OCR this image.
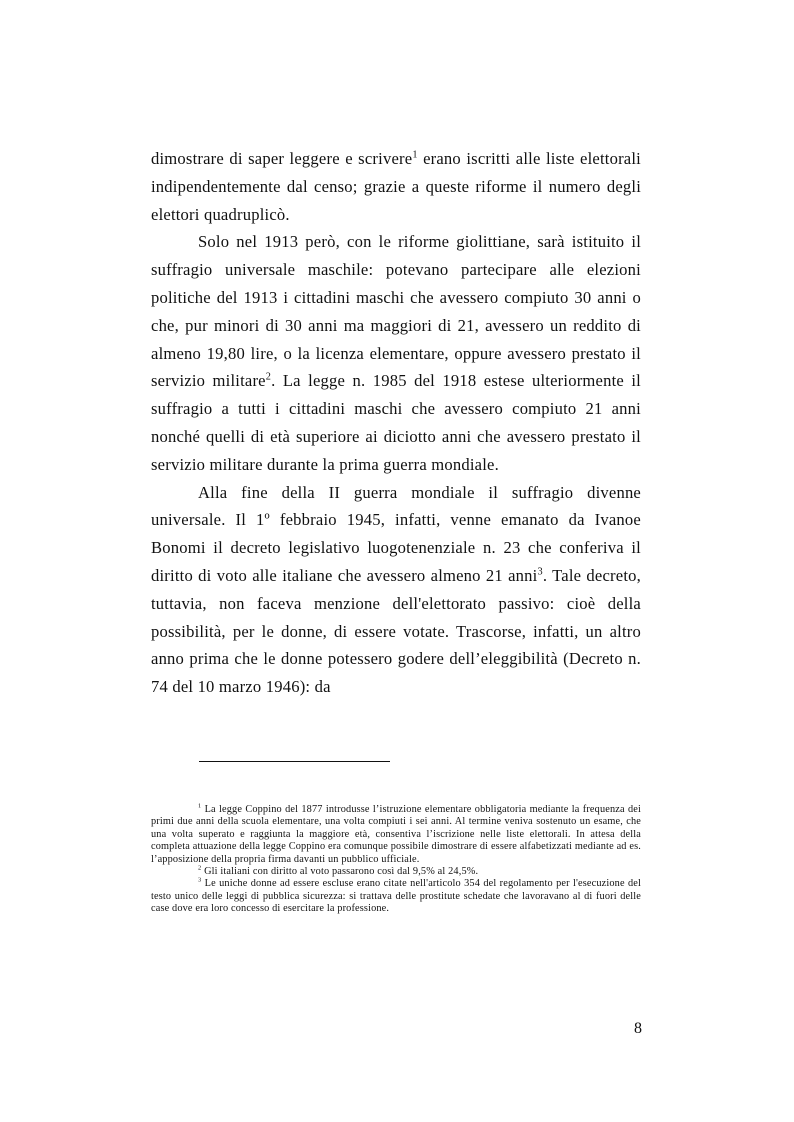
dimostrare di saper leggere e scrivere$^1$ erano iscritti alle liste elettorali indipendentemente dal censo; grazie a queste riforme il numero degli elettori quadruplicò.

Solo nel 1913 però, con le riforme giolittiane, sarà istituito il suffragio universale maschile: potevano partecipare alle elezioni politiche del 1913 i cittadini maschi che avessero compiuto 30 anni o che, pur minori di 30 anni ma maggiori di 21, avessero un reddito di almeno 19,80 lire, o la licenza elementare, oppure avessero prestato il servizio militare$^2$. La legge n. 1985 del 1918 estese ulteriormente il suffragio a tutti i cittadini maschi che avessero compiuto 21 anni nonché quelli di età superiore ai diciotto anni che avessero prestato il servizio militare durante la prima guerra mondiale.

Alla fine della II guerra mondiale il suffragio divenne universale. Il 1º febbraio 1945, infatti, venne emanato da Ivanoe Bonomi il decreto legislativo luogotenenziale n. 23 che conferiva il diritto di voto alle italiane che avessero almeno 21 anni$^3$. Tale decreto, tuttavia, non faceva menzione dell'elettorato passivo: cioè della possibilità, per le donne, di essere votate. Trascorse, infatti, un altro anno prima che le donne potessero godere dell’eleggibilità (Decreto n. 74 del 10 marzo 1946): da

$^1$ La legge Coppino del 1877 introdusse l’istruzione elementare obbligatoria mediante la frequenza dei primi due anni della scuola elementare, una volta compiuti i sei anni. Al termine veniva sostenuto un esame, che una volta superato e raggiunta la maggiore età, consentiva l’iscrizione nelle liste elettorali. In attesa della completa attuazione della legge Coppino era comunque possibile dimostrare di essere alfabetizzati mediante ad es. l’apposizione della propria firma davanti un pubblico ufficiale.

$^2$ Gli italiani con diritto al voto passarono così dal 9,5% al 24,5%.

$^3$ Le uniche donne ad essere escluse erano citate nell'articolo 354 del regolamento per l'esecuzione del testo unico delle leggi di pubblica sicurezza: si trattava delle prostitute schedate che lavoravano al di fuori delle case dove era loro concesso di esercitare la professione.

8
